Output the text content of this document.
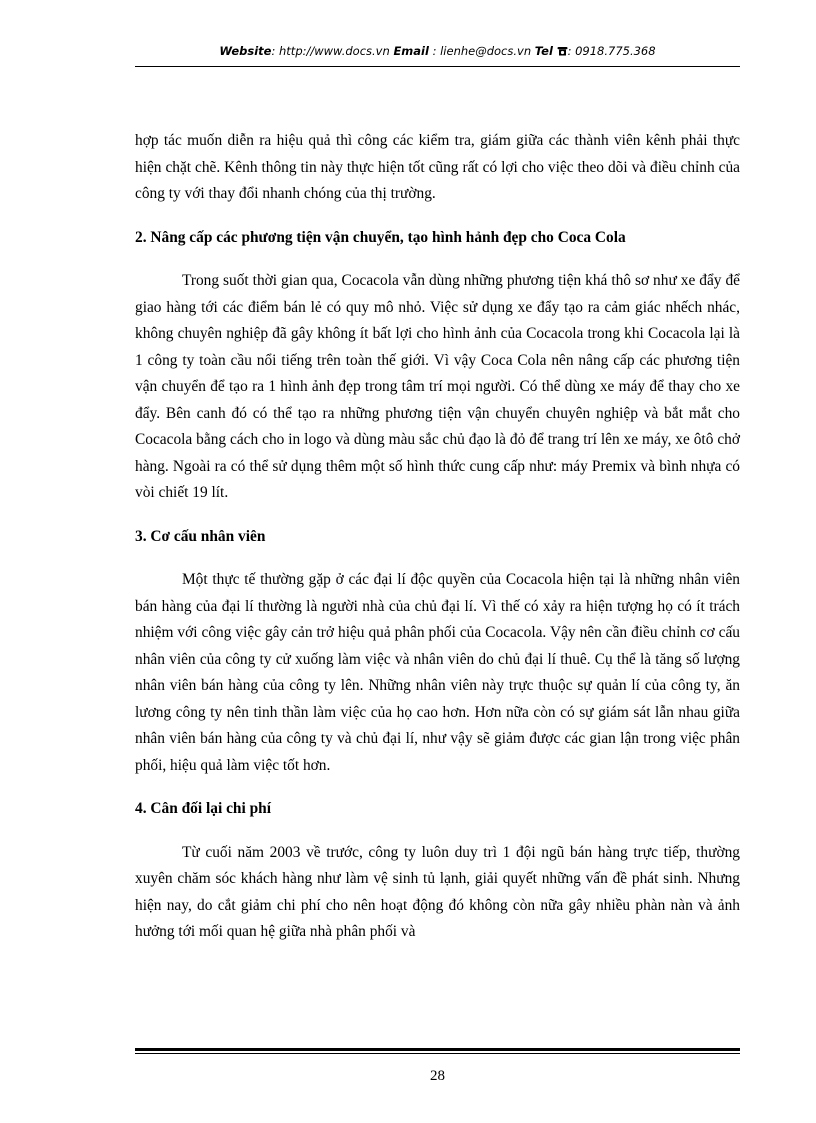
Website: http://www.docs.vn Email : lienhe@docs.vn Tel : 0918.775.368

hợp tác muốn diễn ra hiệu quả thì công các kiểm tra, giám giữa các thành viên kênh phải thực hiện chặt chẽ. Kênh thông tin này thực hiện tốt cũng rất có lợi cho việc theo dõi và điều chỉnh của công ty với thay đổi nhanh chóng của thị trường.

2. Nâng cấp các phương tiện vận chuyển, tạo hình hảnh đẹp cho Coca Cola

Trong suốt thời gian qua, Cocacola vẫn dùng những phương tiện khá thô sơ như xe đẩy để giao hàng tới các điểm bán lẻ có quy mô nhỏ. Việc sử dụng xe đẩy tạo ra cảm giác nhếch nhác, không chuyên nghiệp đã gây không ít bất lợi cho hình ảnh của Cocacola trong khi Cocacola lại là 1 công ty toàn cầu nổi tiếng trên toàn thế giới. Vì vậy Coca Cola nên nâng cấp các phương tiện vận chuyển để tạo ra 1 hình ảnh đẹp trong tâm trí mọi người. Có thể dùng xe máy để thay cho xe đẩy. Bên canh đó có thể tạo ra những phương tiện vận chuyển chuyên nghiệp và bắt mắt cho Cocacola bằng cách cho in logo và dùng màu sắc chủ đạo là đỏ để trang trí lên xe máy, xe ôtô chở hàng. Ngoài ra có thể sử dụng thêm một số hình thức cung cấp như: máy Premix và bình nhựa có vòi chiết 19 lít.

3. Cơ cấu nhân viên

Một thực tế thường gặp ở các đại lí độc quyền của Cocacola hiện tại là những nhân viên bán hàng của đại lí thường là người nhà của chủ đại lí. Vì thế có xảy ra hiện tượng họ có ít trách nhiệm với công việc gây cản trở hiệu quả phân phối của Cocacola. Vậy nên cần điều chỉnh cơ cấu nhân viên của công ty cử xuống làm việc và nhân viên do chủ đại lí thuê. Cụ thể là tăng số lượng nhân viên bán hàng của công ty lên. Những nhân viên này trực thuộc sự quản lí của công ty, ăn lương công ty nên tinh thần làm việc của họ cao hơn. Hơn nữa còn có sự giám sát lẫn nhau giữa nhân viên bán hàng của công ty và chủ đại lí, như vậy sẽ giảm được các gian lận trong việc phân phối, hiệu quả làm việc tốt hơn.

4. Cân đối lại chi phí

Từ cuối năm 2003 về trước, công ty luôn duy trì 1 đội ngũ bán hàng trực tiếp, thường xuyên chăm sóc khách hàng như làm vệ sinh tủ lạnh, giải quyết những vấn đề phát sinh. Nhưng hiện nay, do cắt giảm chi phí cho nên hoạt động đó không còn nữa gây nhiều phàn nàn và ảnh hưởng tới mối quan hệ giữa nhà phân phối và

28
